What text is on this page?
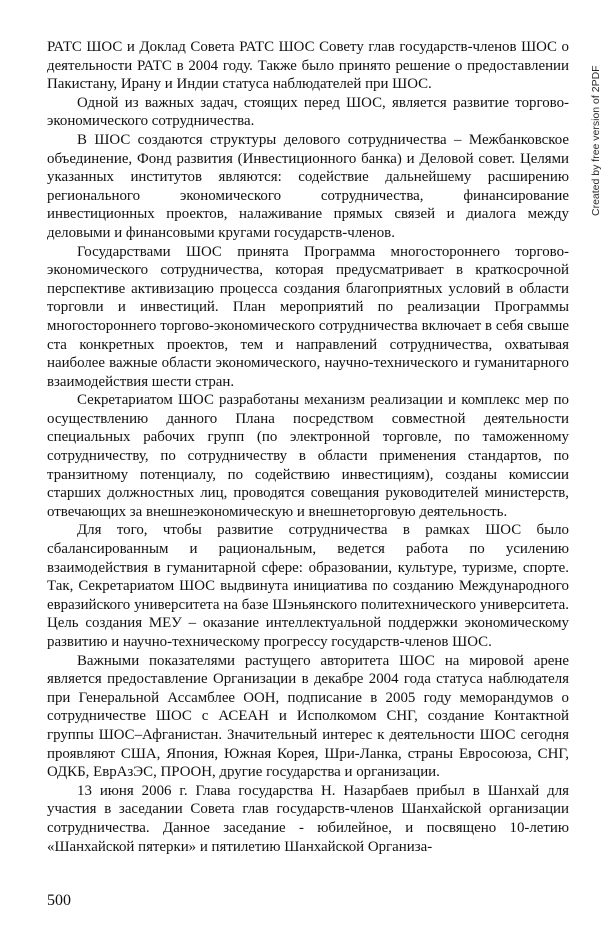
РАТС ШОС и Доклад Совета РАТС ШОС Совету глав государств-членов ШОС о деятельности РАТС в 2004 году. Также было принято решение о предоставлении Пакистану, Ирану и Индии статуса наблюдателей при ШОС.

Одной из важных задач, стоящих перед ШОС, является развитие торгово-экономического сотрудничества.

В ШОС создаются структуры делового сотрудничества – Межбанковское объединение, Фонд развития (Инвестиционного банка) и Деловой совет. Целями указанных институтов являются: содействие дальнейшему расширению регионального экономического сотрудничества, финансирование инвестиционных проектов, налаживание прямых связей и диалога между деловыми и финансовыми кругами государств-членов.

Государствами ШОС принята Программа многостороннего торгово-экономического сотрудничества, которая предусматривает в краткосрочной перспективе активизацию процесса создания благоприятных условий в области торговли и инвестиций. План мероприятий по реализации Программы многостороннего торгово-экономического сотрудничества включает в себя свыше ста конкретных проектов, тем и направлений сотрудничества, охватывая наиболее важные области экономического, научно-технического и гуманитарного взаимодействия шести стран.

Секретариатом ШОС разработаны механизм реализации и комплекс мер по осуществлению данного Плана посредством совместной деятельности специальных рабочих групп (по электронной торговле, по таможенному сотрудничеству, по сотрудничеству в области применения стандартов, по транзитному потенциалу, по содействию инвестициям), созданы комиссии старших должностных лиц, проводятся совещания руководителей министерств, отвечающих за внешнеэкономическую и внешнеторговую деятельность.

Для того, чтобы развитие сотрудничества в рамках ШОС было сбалансированным и рациональным, ведется работа по усилению взаимодействия в гуманитарной сфере: образовании, культуре, туризме, спорте. Так, Секретариатом ШОС выдвинута инициатива по созданию Международного евразийского университета на базе Шэньянского политехнического университета. Цель создания МЕУ – оказание интеллектуальной поддержки экономическому развитию и научно-техническому прогрессу государств-членов ШОС.

Важными показателями растущего авторитета ШОС на мировой арене является предоставление Организации в декабре 2004 года статуса наблюдателя при Генеральной Ассамблее ООН, подписание в 2005 году меморандумов о сотрудничестве ШОС с АСЕАН и Исполкомом СНГ, создание Контактной группы ШОС–Афганистан. Значительный интерес к деятельности ШОС сегодня проявляют США, Япония, Южная Корея, Шри-Ланка, страны Евросоюза, СНГ, ОДКБ, ЕврАзЭС, ПРООН, другие государства и организации.

13 июня 2006 г. Глава государства Н. Назарбаев прибыл в Шанхай для участия в заседании Совета глав государств-членов Шанхайской организации сотрудничества. Данное заседание - юбилейное, и посвящено 10-летию «Шанхайской пятерки» и пятилетию Шанхайской Организа-

500
Created by free version of 2PDF
